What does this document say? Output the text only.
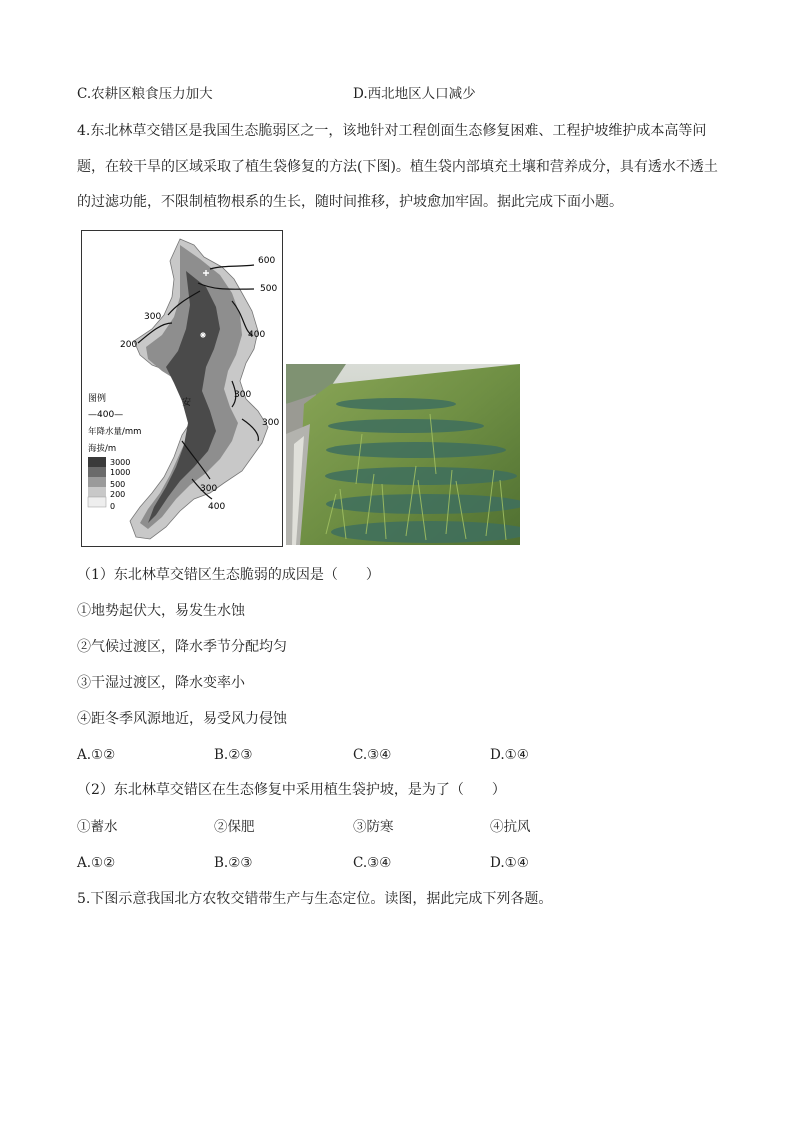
C.农耕区粮食压力加大	D.西北地区人口减少
4.东北林草交错区是我国生态脆弱区之一，该地针对工程创面生态修复困难、工程护坡维护成本高等问
题，在较干旱的区域采取了植生袋修复的方法(下图)。植生袋内部填充土壤和营养成分，具有透水不透土
的过滤功能，不限制植物根系的生长，随时间推移，护坡愈加牢固。据此完成下面小题。
600
500
400
300
200
300
300
300
400
安
岭
图例
—400—
年降水量/mm
海拔/m
3000
1000
500
200
0
（1）东北林草交错区生态脆弱的成因是（　　）
①地势起伏大，易发生水蚀
②气候过渡区，降水季节分配均匀
③干湿过渡区，降水变率小
④距冬季风源地近，易受风力侵蚀
A.①②	B.②③	C.③④	D.①④
（2）东北林草交错区在生态修复中采用植生袋护坡，是为了（　　）
①蓄水	②保肥	③防寒	④抗风
A.①②	B.②③	C.③④	D.①④
5.下图示意我国北方农牧交错带生产与生态定位。读图，据此完成下列各题。
